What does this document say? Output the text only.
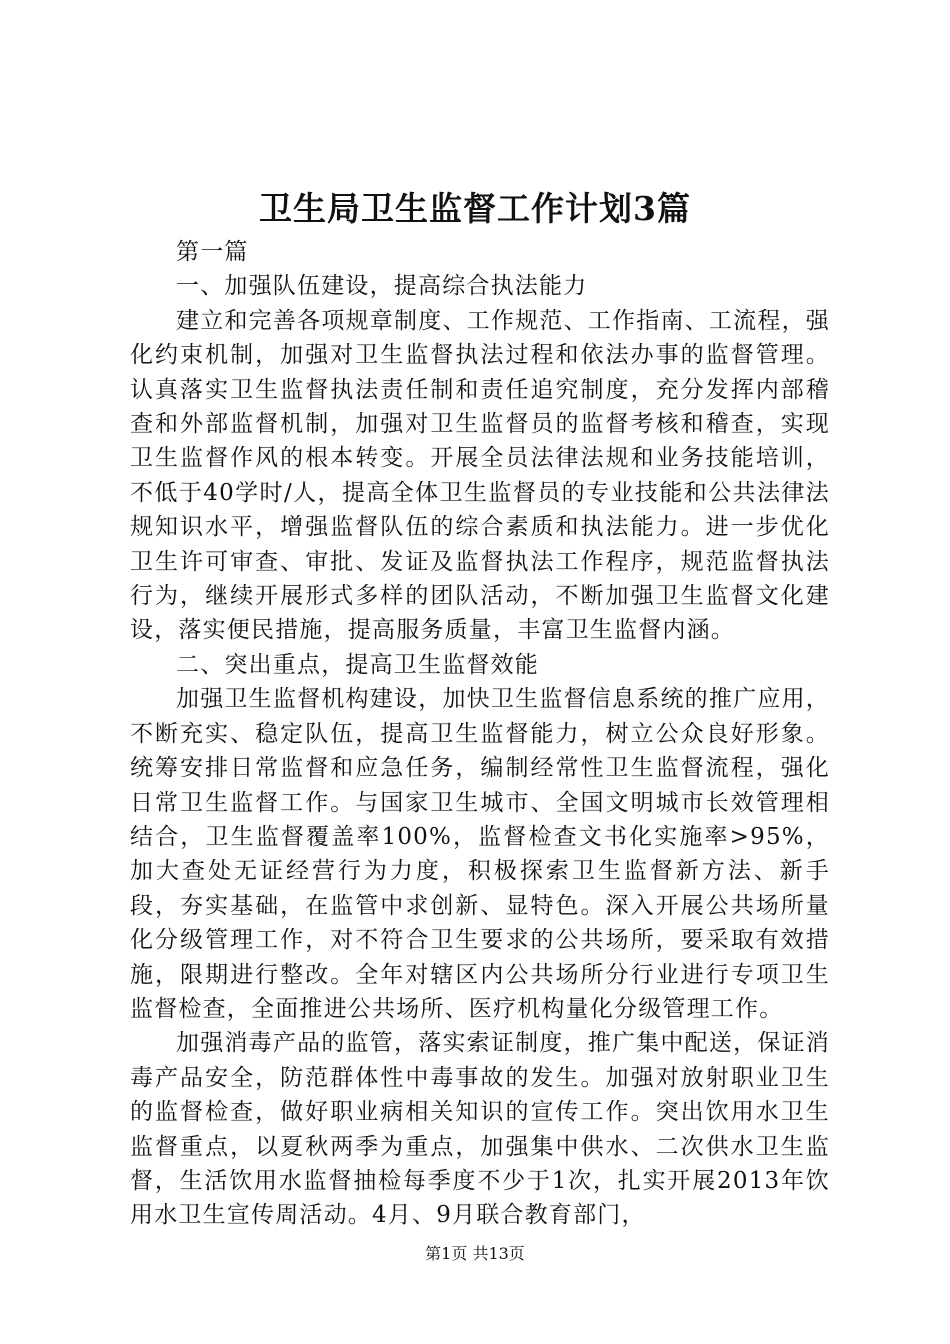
卫生局卫生监督工作计划3篇

第一篇

一、加强队伍建设，提高综合执法能力

建立和完善各项规章制度、工作规范、工作指南、工流程，强化约束机制，加强对卫生监督执法过程和依法办事的监督管理。认真落实卫生监督执法责任制和责任追究制度，充分发挥内部稽查和外部监督机制，加强对卫生监督员的监督考核和稽查，实现卫生监督作风的根本转变。开展全员法律法规和业务技能培训，不低于40学时/人，提高全体卫生监督员的专业技能和公共法律法规知识水平，增强监督队伍的综合素质和执法能力。进一步优化卫生许可审查、审批、发证及监督执法工作程序，规范监督执法行为，继续开展形式多样的团队活动，不断加强卫生监督文化建设，落实便民措施，提高服务质量，丰富卫生监督内涵。

二、突出重点，提高卫生监督效能

加强卫生监督机构建设，加快卫生监督信息系统的推广应用，不断充实、稳定队伍，提高卫生监督能力，树立公众良好形象。统筹安排日常监督和应急任务，编制经常性卫生监督流程，强化日常卫生监督工作。与国家卫生城市、全国文明城市长效管理相结合，卫生监督覆盖率100%，监督检查文书化实施率>95%，加大查处无证经营行为力度，积极探索卫生监督新方法、新手段，夯实基础，在监管中求创新、显特色。深入开展公共场所量化分级管理工作，对不符合卫生要求的公共场所，要采取有效措施，限期进行整改。全年对辖区内公共场所分行业进行专项卫生监督检查，全面推进公共场所、医疗机构量化分级管理工作。

加强消毒产品的监管，落实索证制度，推广集中配送，保证消毒产品安全，防范群体性中毒事故的发生。加强对放射职业卫生的监督检查，做好职业病相关知识的宣传工作。突出饮用水卫生监督重点，以夏秋两季为重点，加强集中供水、二次供水卫生监督，生活饮用水监督抽检每季度不少于1次，扎实开展2013年饮用水卫生宣传周活动。4月、9月联合教育部门，

第1页 共13页
